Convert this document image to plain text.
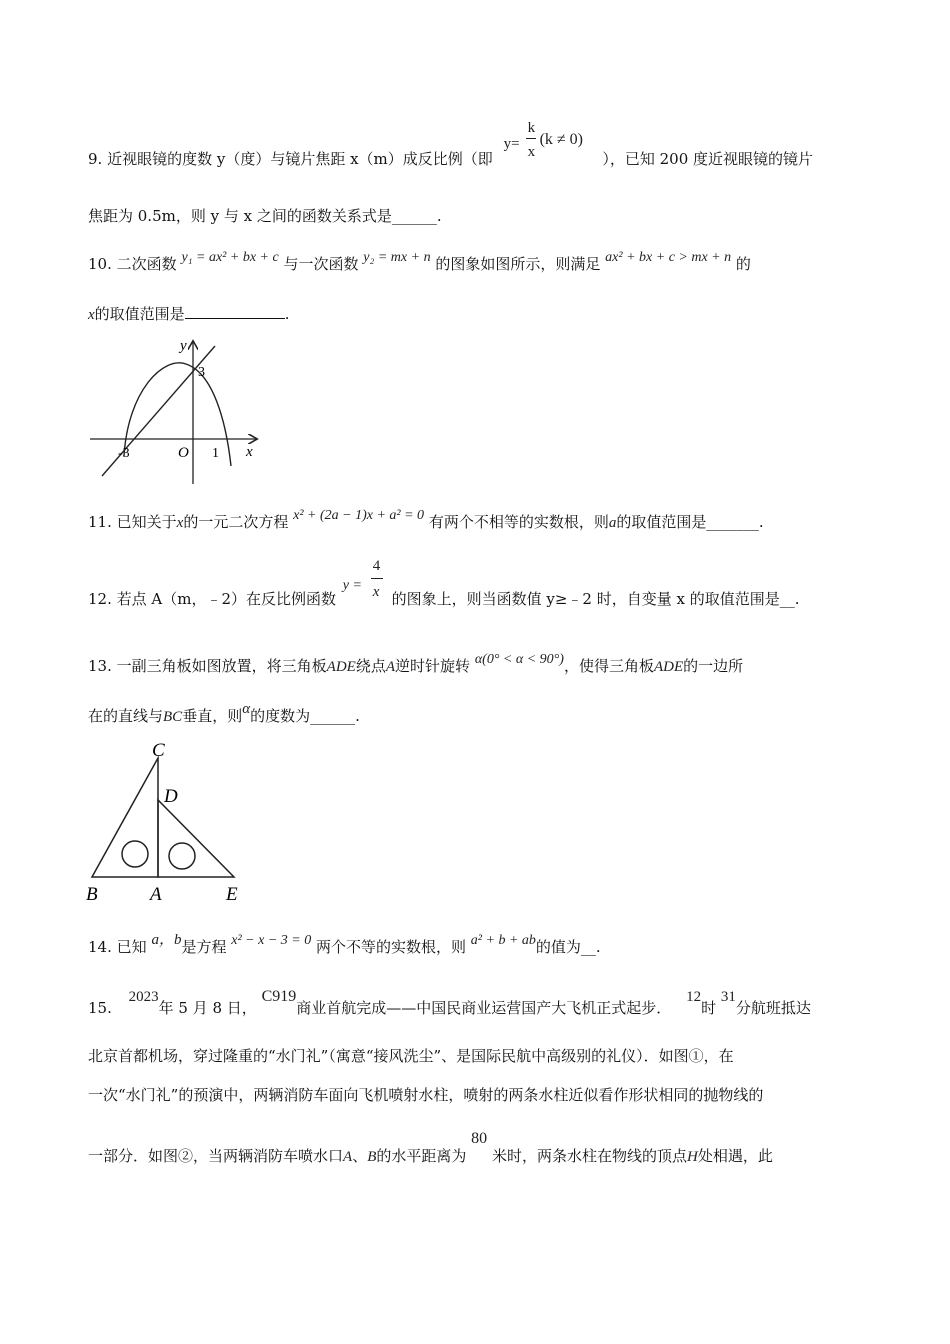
9. 近视眼镜的度数 y（度）与镜片焦距 x（m）成反比例（即
y=
k
x
(k ≠ 0)
），已知 200 度近视眼镜的镜片
焦距为 0.5m，则 y 与 x 之间的函数关系式是______.
10. 二次函数 y₁ = ax² + bx + c 与一次函数 y₂ = mx + n 的图象如图所示，则满足 ax² + bx + c > mx + n 的
x的取值范围是	.
y
x
O
-3	1
3
11. 已知关于x的一元二次方程 x² + (2a − 1)x + a² = 0 有两个不相等的实数根，则a的取值范围是_______.
12. 若点 A（m，﹣2）在反比例函数
y =
4
x 的图象上，则当函数值 y≥﹣2 时，自变量 x 的取值范围是__.
13. 一副三角板如图放置，将三角板ADE绕点A逆时针旋转 α(0° < α < 90°)，使得三角板ADE的一边所
在的直线与BC垂直，则α的度数为______.
C
D
B	A	E
14. 已知 a，b是方程 x² − x − 3 = 0 两个不等的实数根，则 a² + b + ab的值为__.
15. 2023年 5 月 8 日， C919商业首航完成——中国民商业运营国产大飞机正式起步． 12时 31分航班抵达
北京首都机场，穿过隆重的“水门礼”（寓意“接风洗尘”、是国际民航中高级别的礼仪）．如图①，在
一次“水门礼”的预演中，两辆消防车面向飞机喷射水柱，喷射的两条水柱近似看作形状相同的抛物线的
一部分．如图②，当两辆消防车喷水口A、B的水平距离为 80 米时，两条水柱在物线的顶点H处相遇，此
